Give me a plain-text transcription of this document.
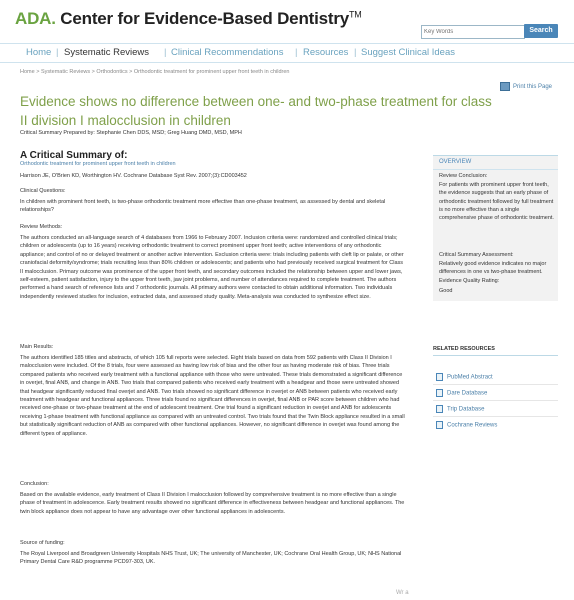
ADA. Center for Evidence-Based Dentistry™
Key Words
Search
Home | Systematic Reviews | Clinical Recommendations | Resources | Suggest Clinical Ideas
Home > Systematic Reviews > Orthodontics > Orthodontic treatment for prominent upper front teeth in children
Print this Page
Evidence shows no difference between one- and two-phase treatment for class II division I malocclusion in children
Critical Summary Prepared by: Stephanie Chen DDS, MSD; Greg Huang DMD, MSD, MPH
A Critical Summary of:
Orthodontic treatment for prominent upper front teeth in children

Harrison JE, O'Brien KD, Worthington HV. Cochrane Database Syst Rev. 2007;(3):CD003452

Clinical Questions:

In children with prominent front teeth, is two-phase orthodontic treatment more effective than one-phase treatment, as assessed by dental and skeletal relationships?

Review Methods:

The authors conducted an all-language search of 4 databases from 1966 to February 2007. Inclusion criteria were: randomized and controlled clinical trials; children or adolescents (up to 16 years) receiving orthodontic treatment to correct prominent upper front teeth; active interventions of any orthodontic appliance; and control of no or delayed treatment or another active intervention. Exclusion criteria were: trials including patients with cleft lip or palate, or other craniofacial deformity/syndrome; trials recruiting less than 80% children or adolescents; and patients who had previously received surgical treatment for Class II malocclusion. Primary outcome was prominence of the upper front teeth, and secondary outcomes included the relationship between upper and lower jaws, self-esteem, patient satisfaction, injury to the upper front teeth, jaw joint problems, and number of attendances required to complete treatment. The authors performed a hand search of reference lists and 7 orthodontic journals. All primary authors were contacted to obtain additional information. Two individuals independently reviewed studies for inclusion, extracted data, and assessed study quality. Meta-analysis was conducted to synthesize effect size.

Main Results:

The authors identified 185 titles and abstracts, of which 105 full reports were selected. Eight trials based on data from 592 patients with Class II Division I malocclusion were included. Of the 8 trials, four were assessed as having low risk of bias and the other four as having moderate risk of bias. Three trials compared patients who received early treatment with a functional appliance with those who were untreated. These trials demonstrated a significant difference in overjet, final ANB, and change in ANB. Two trials that compared patients who received early treatment with a headgear and those were untreated showed that headgear significantly reduced final overjet and ANB. Two trials showed no significant difference in overjet or ANB between patients who received early treatment with headgear and functional appliances. Three trials found no significant differences in overjet, final ANB or PAR score between children who had received one-phase or two-phase treatment at the end of adolescent treatment. One trial found a significant reduction in overjet and ANB for adolescents receiving 1-phase treatment with functional appliance as compared with an untreated control. Two trials found that the Twin Block appliance resulted in a small but statistically significant reduction of ANB as compared with other functional appliances. However, no significant difference in overjet was found among the different types of appliance.

Conclusion:

Based on the available evidence, early treatment of Class II Division I malocclusion followed by comprehensive treatment is no more effective than a single phase of treatment in adolescence. Early treatment results showed no significant difference in effectiveness between headgear and functional appliances. The twin block appliance does not appear to have any advantage over other functional appliances in adolescents.

Source of funding:

The Royal Liverpool and Broadgreen University Hospitals NHS Trust, UK; The university of Manchester, UK; Cochrane Oral Health Group, UK; NHS National Primary Dental Care R&D programme PCD97-303, UK.

OVERVIEW
Review Conclusion:
For patients with prominent upper front teeth, the evidence suggests that an early phase of orthodontic treatment followed by full treatment is no more effective than a single comprehensive phase of orthodontic treatment.
Critical Summary Assessment:
Relatively good evidence indicates no major differences in one vs two-phase treatment.
Evidence Quality Rating:
Good
RELATED RESOURCES
PubMed Abstract
Dare Database
Trip Database
Cochrane Reviews
Wr a
